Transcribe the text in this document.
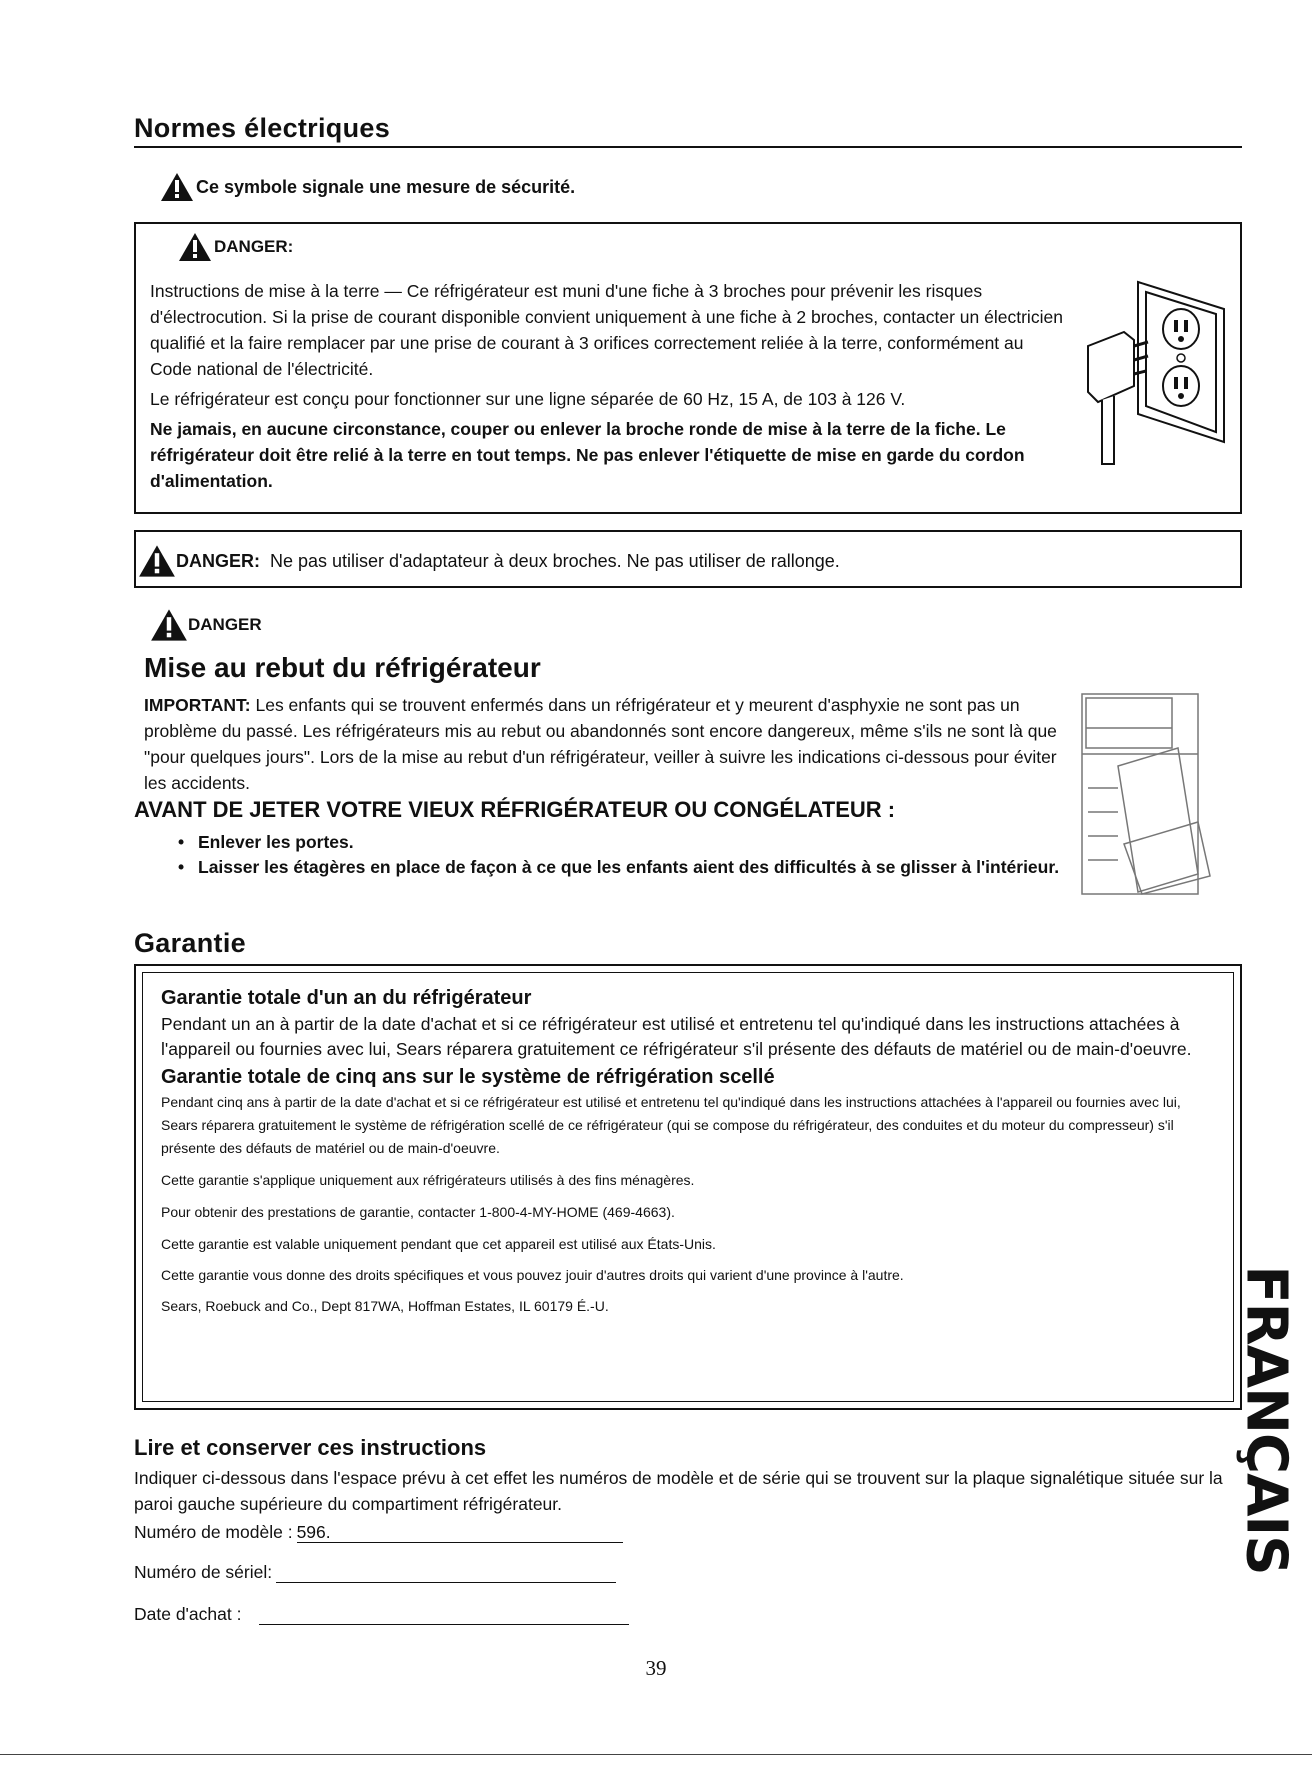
Normes électriques
Ce symbole signale une mesure de sécurité.
DANGER:

Instructions de mise à la terre — Ce réfrigérateur est muni d'une fiche à 3 broches pour prévenir les risques d'électrocution. Si la prise de courant disponible convient uniquement à une fiche à 2 broches, contacter un électricien qualifié et la faire remplacer par une prise de courant à 3 orifices correctement reliée à la terre, conformément au Code national de l'électricité.

Le réfrigérateur est conçu pour fonctionner sur une ligne séparée de 60 Hz, 15 A, de 103 à 126 V.

Ne jamais, en aucune circonstance, couper ou enlever la broche ronde de mise à la terre de la fiche. Le réfrigérateur doit être relié à la terre en tout temps. Ne pas enlever l'étiquette de mise en garde du cordon d'alimentation.

DANGER: Ne pas utiliser d'adaptateur à deux broches. Ne pas utiliser de rallonge.
DANGER
Mise au rebut du réfrigérateur
IMPORTANT: Les enfants qui se trouvent enfermés dans un réfrigérateur et y meurent d'asphyxie ne sont pas un problème du passé. Les réfrigérateurs mis au rebut ou abandonnés sont encore dangereux, même s'ils ne sont là que "pour quelques jours". Lors de la mise au rebut d'un réfrigérateur, veiller à suivre les indications ci-dessous pour éviter les accidents.
AVANT DE JETER VOTRE VIEUX RÉFRIGÉRATEUR OU CONGÉLATEUR :
• Enlever les portes.
• Laisser les étagères en place de façon à ce que les enfants aient des difficultés à se glisser à l'intérieur.
Garantie

Garantie totale d'un an du réfrigérateur

Pendant un an à partir de la date d'achat et si ce réfrigérateur est utilisé et entretenu tel qu'indiqué dans les instructions attachées à l'appareil ou fournies avec lui, Sears réparera gratuitement ce réfrigérateur s'il présente des défauts de matériel ou de main-d'oeuvre.

Garantie totale de cinq ans sur le système de réfrigération scellé

Pendant cinq ans à partir de la date d'achat et si ce réfrigérateur est utilisé et entretenu tel qu'indiqué dans les instructions attachées à l'appareil ou fournies avec lui, Sears réparera gratuitement le système de réfrigération scellé de ce réfrigérateur (qui se compose du réfrigérateur, des conduites et du moteur du compresseur) s'il présente des défauts de matériel ou de main-d'oeuvre.

Cette garantie s'applique uniquement aux réfrigérateurs utilisés à des fins ménagères.

Pour obtenir des prestations de garantie, contacter 1-800-4-MY-HOME (469-4663).

Cette garantie est valable uniquement pendant que cet appareil est utilisé aux États-Unis.

Cette garantie vous donne des droits spécifiques et vous pouvez jouir d'autres droits qui varient d'une province à l'autre.

Sears, Roebuck and Co., Dept 817WA, Hoffman Estates, IL 60179 É.-U.

Lire et conserver ces instructions
Indiquer ci-dessous dans l'espace prévu à cet effet les numéros de modèle et de série qui se trouvent sur la plaque signalétique située sur la paroi gauche supérieure du compartiment réfrigérateur.
Numéro de modèle : 596.
Numéro de sériel:
Date d'achat :
39
FRANÇAIS
